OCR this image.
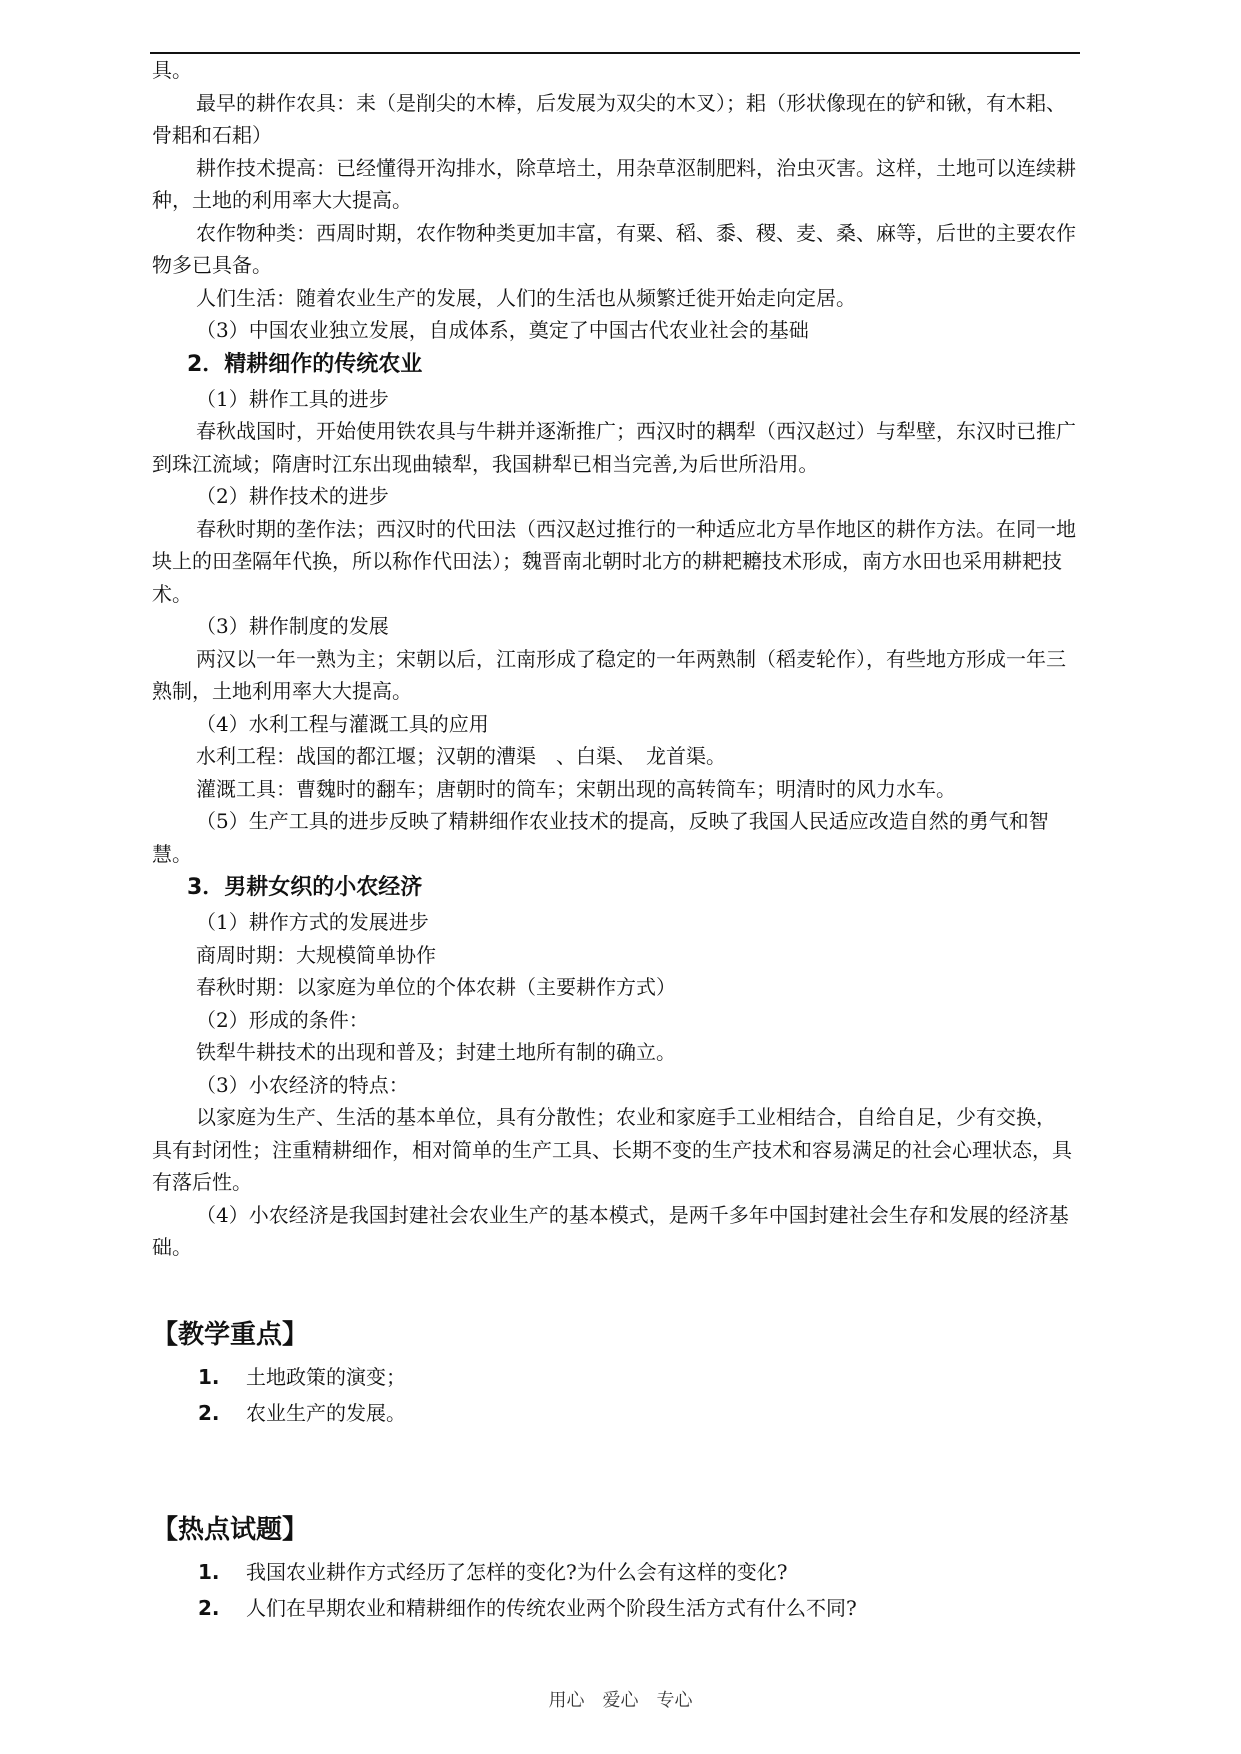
具。

最早的耕作农具：耒（是削尖的木棒，后发展为双尖的木叉）；耜（形状像现在的铲和锹，有木耜、骨耜和石耜）

耕作技术提高：已经懂得开沟排水，除草培土，用杂草沤制肥料，治虫灭害。这样，土地可以连续耕种，土地的利用率大大提高。

农作物种类：西周时期，农作物种类更加丰富，有粟、稻、黍、稷、麦、桑、麻等，后世的主要农作物多已具备。

人们生活：随着农业生产的发展，人们的生活也从频繁迁徙开始走向定居。

（3）中国农业独立发展，自成体系，奠定了中国古代农业社会的基础

2．精耕细作的传统农业

（1）耕作工具的进步

春秋战国时，开始使用铁农具与牛耕并逐渐推广；西汉时的耦犁（西汉赵过）与犁壁，东汉时已推广到珠江流域；隋唐时江东出现曲辕犁，我国耕犁已相当完善,为后世所沿用。

（2）耕作技术的进步

春秋时期的垄作法；西汉时的代田法（西汉赵过推行的一种适应北方旱作地区的耕作方法。在同一地块上的田垄隔年代换，所以称作代田法）；魏晋南北朝时北方的耕耙耱技术形成，南方水田也采用耕耙技术。

（3）耕作制度的发展

两汉以一年一熟为主；宋朝以后，江南形成了稳定的一年两熟制（稻麦轮作），有些地方形成一年三熟制，土地利用率大大提高。

（4）水利工程与灌溉工具的应用

水利工程：战国的都江堰；汉朝的漕渠　、白渠、　龙首渠。

灌溉工具：曹魏时的翻车；唐朝时的筒车；宋朝出现的高转筒车；明清时的风力水车。

（5）生产工具的进步反映了精耕细作农业技术的提高，反映了我国人民适应改造自然的勇气和智慧。

3．男耕女织的小农经济

（1）耕作方式的发展进步

商周时期：大规模简单协作

春秋时期：以家庭为单位的个体农耕（主要耕作方式）

（2）形成的条件：

铁犁牛耕技术的出现和普及；封建土地所有制的确立。

（3）小农经济的特点：

以家庭为生产、生活的基本单位，具有分散性；农业和家庭手工业相结合，自给自足，少有交换， 具有封闭性；注重精耕细作，相对简单的生产工具、长期不变的生产技术和容易满足的社会心理状态，具有落后性。

（4）小农经济是我国封建社会农业生产的基本模式，是两千多年中国封建社会生存和发展的经济基础。

【教学重点】

1.	土地政策的演变；
2.	农业生产的发展。

【热点试题】

1.	我国农业耕作方式经历了怎样的变化?为什么会有这样的变化?
2.	人们在早期农业和精耕细作的传统农业两个阶段生活方式有什么不同?
用心　爱心　专心
